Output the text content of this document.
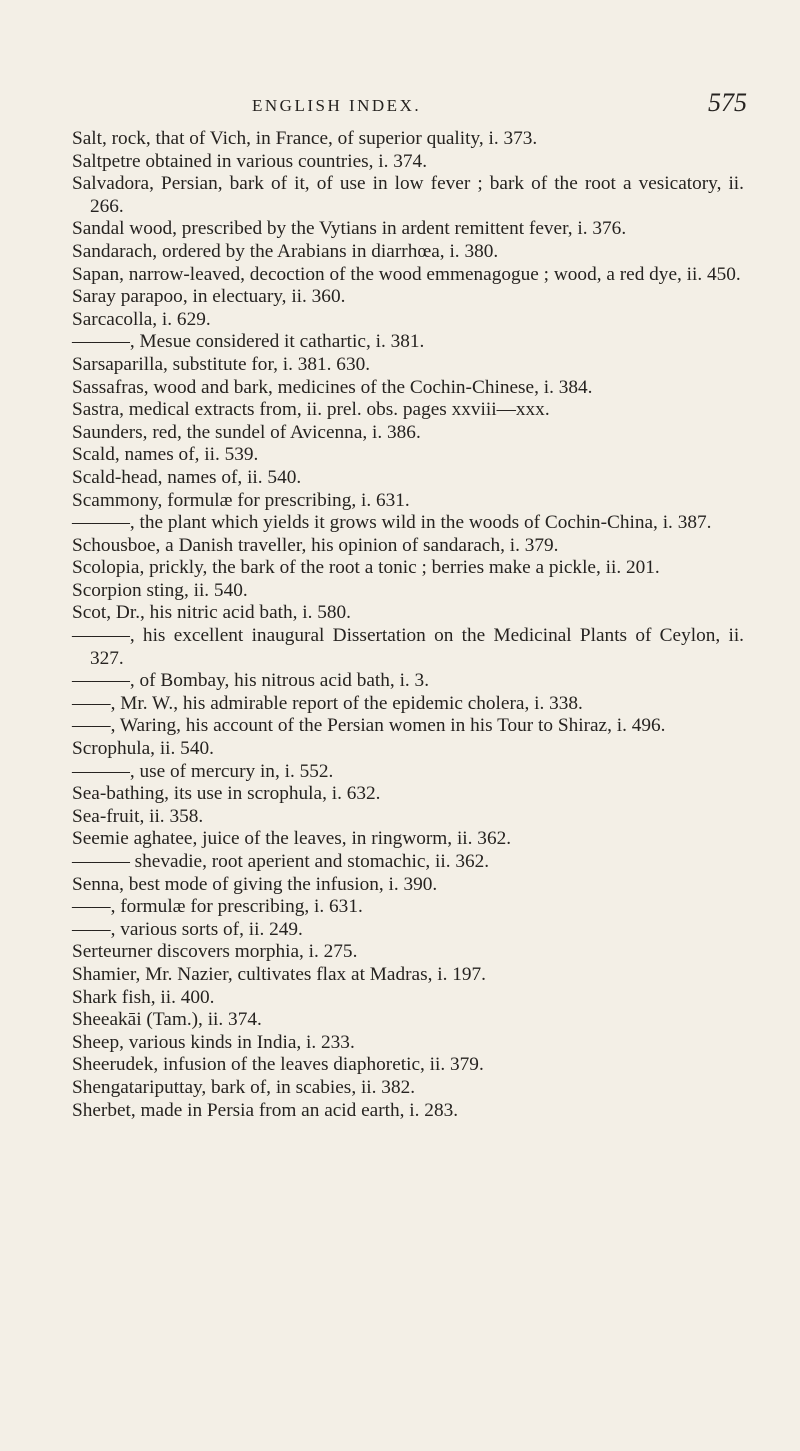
ENGLISH INDEX.	575
Salt, rock, that of Vich, in France, of superior quality, i. 373.
Saltpetre obtained in various countries, i. 374.
Salvadora, Persian, bark of it, of use in low fever ; bark of the root a vesicatory, ii. 266.
Sandal wood, prescribed by the Vytians in ardent remittent fever, i. 376.
Sandarach, ordered by the Arabians in diarrhœa, i. 380.
Sapan, narrow-leaved, decoction of the wood emmenagogue ; wood, a red dye, ii. 450.
Saray parapoo, in electuary, ii. 360.
Sarcacolla, i. 629.
———, Mesue considered it cathartic, i. 381.
Sarsaparilla, substitute for, i. 381. 630.
Sassafras, wood and bark, medicines of the Cochin-Chinese, i. 384.
Sastra, medical extracts from, ii. prel. obs. pages xxviii—xxx.
Saunders, red, the sundel of Avicenna, i. 386.
Scald, names of, ii. 539.
Scald-head, names of, ii. 540.
Scammony, formulæ for prescribing, i. 631.
———, the plant which yields it grows wild in the woods of Cochin-China, i. 387.
Schousboe, a Danish traveller, his opinion of sandarach, i. 379.
Scolopia, prickly, the bark of the root a tonic ; berries make a pickle, ii. 201.
Scorpion sting, ii. 540.
Scot, Dr., his nitric acid bath, i. 580.
———, his excellent inaugural Dissertation on the Medicinal Plants of Ceylon, ii. 327.
———, of Bombay, his nitrous acid bath, i. 3.
——, Mr. W., his admirable report of the epidemic cholera, i. 338.
——, Waring, his account of the Persian women in his Tour to Shiraz, i. 496.
Scrophula, ii. 540.
———, use of mercury in, i. 552.
Sea-bathing, its use in scrophula, i. 632.
Sea-fruit, ii. 358.
Seemie aghatee, juice of the leaves, in ringworm, ii. 362.
——— shevadie, root aperient and stomachic, ii. 362.
Senna, best mode of giving the infusion, i. 390.
——, formulæ for prescribing, i. 631.
——, various sorts of, ii. 249.
Serteurner discovers morphia, i. 275.
Shamier, Mr. Nazier, cultivates flax at Madras, i. 197.
Shark fish, ii. 400.
Sheeakāi (Tam.), ii. 374.
Sheep, various kinds in India, i. 233.
Sheerudek, infusion of the leaves diaphoretic, ii. 379.
Shengatariputtay, bark of, in scabies, ii. 382.
Sherbet, made in Persia from an acid earth, i. 283.
